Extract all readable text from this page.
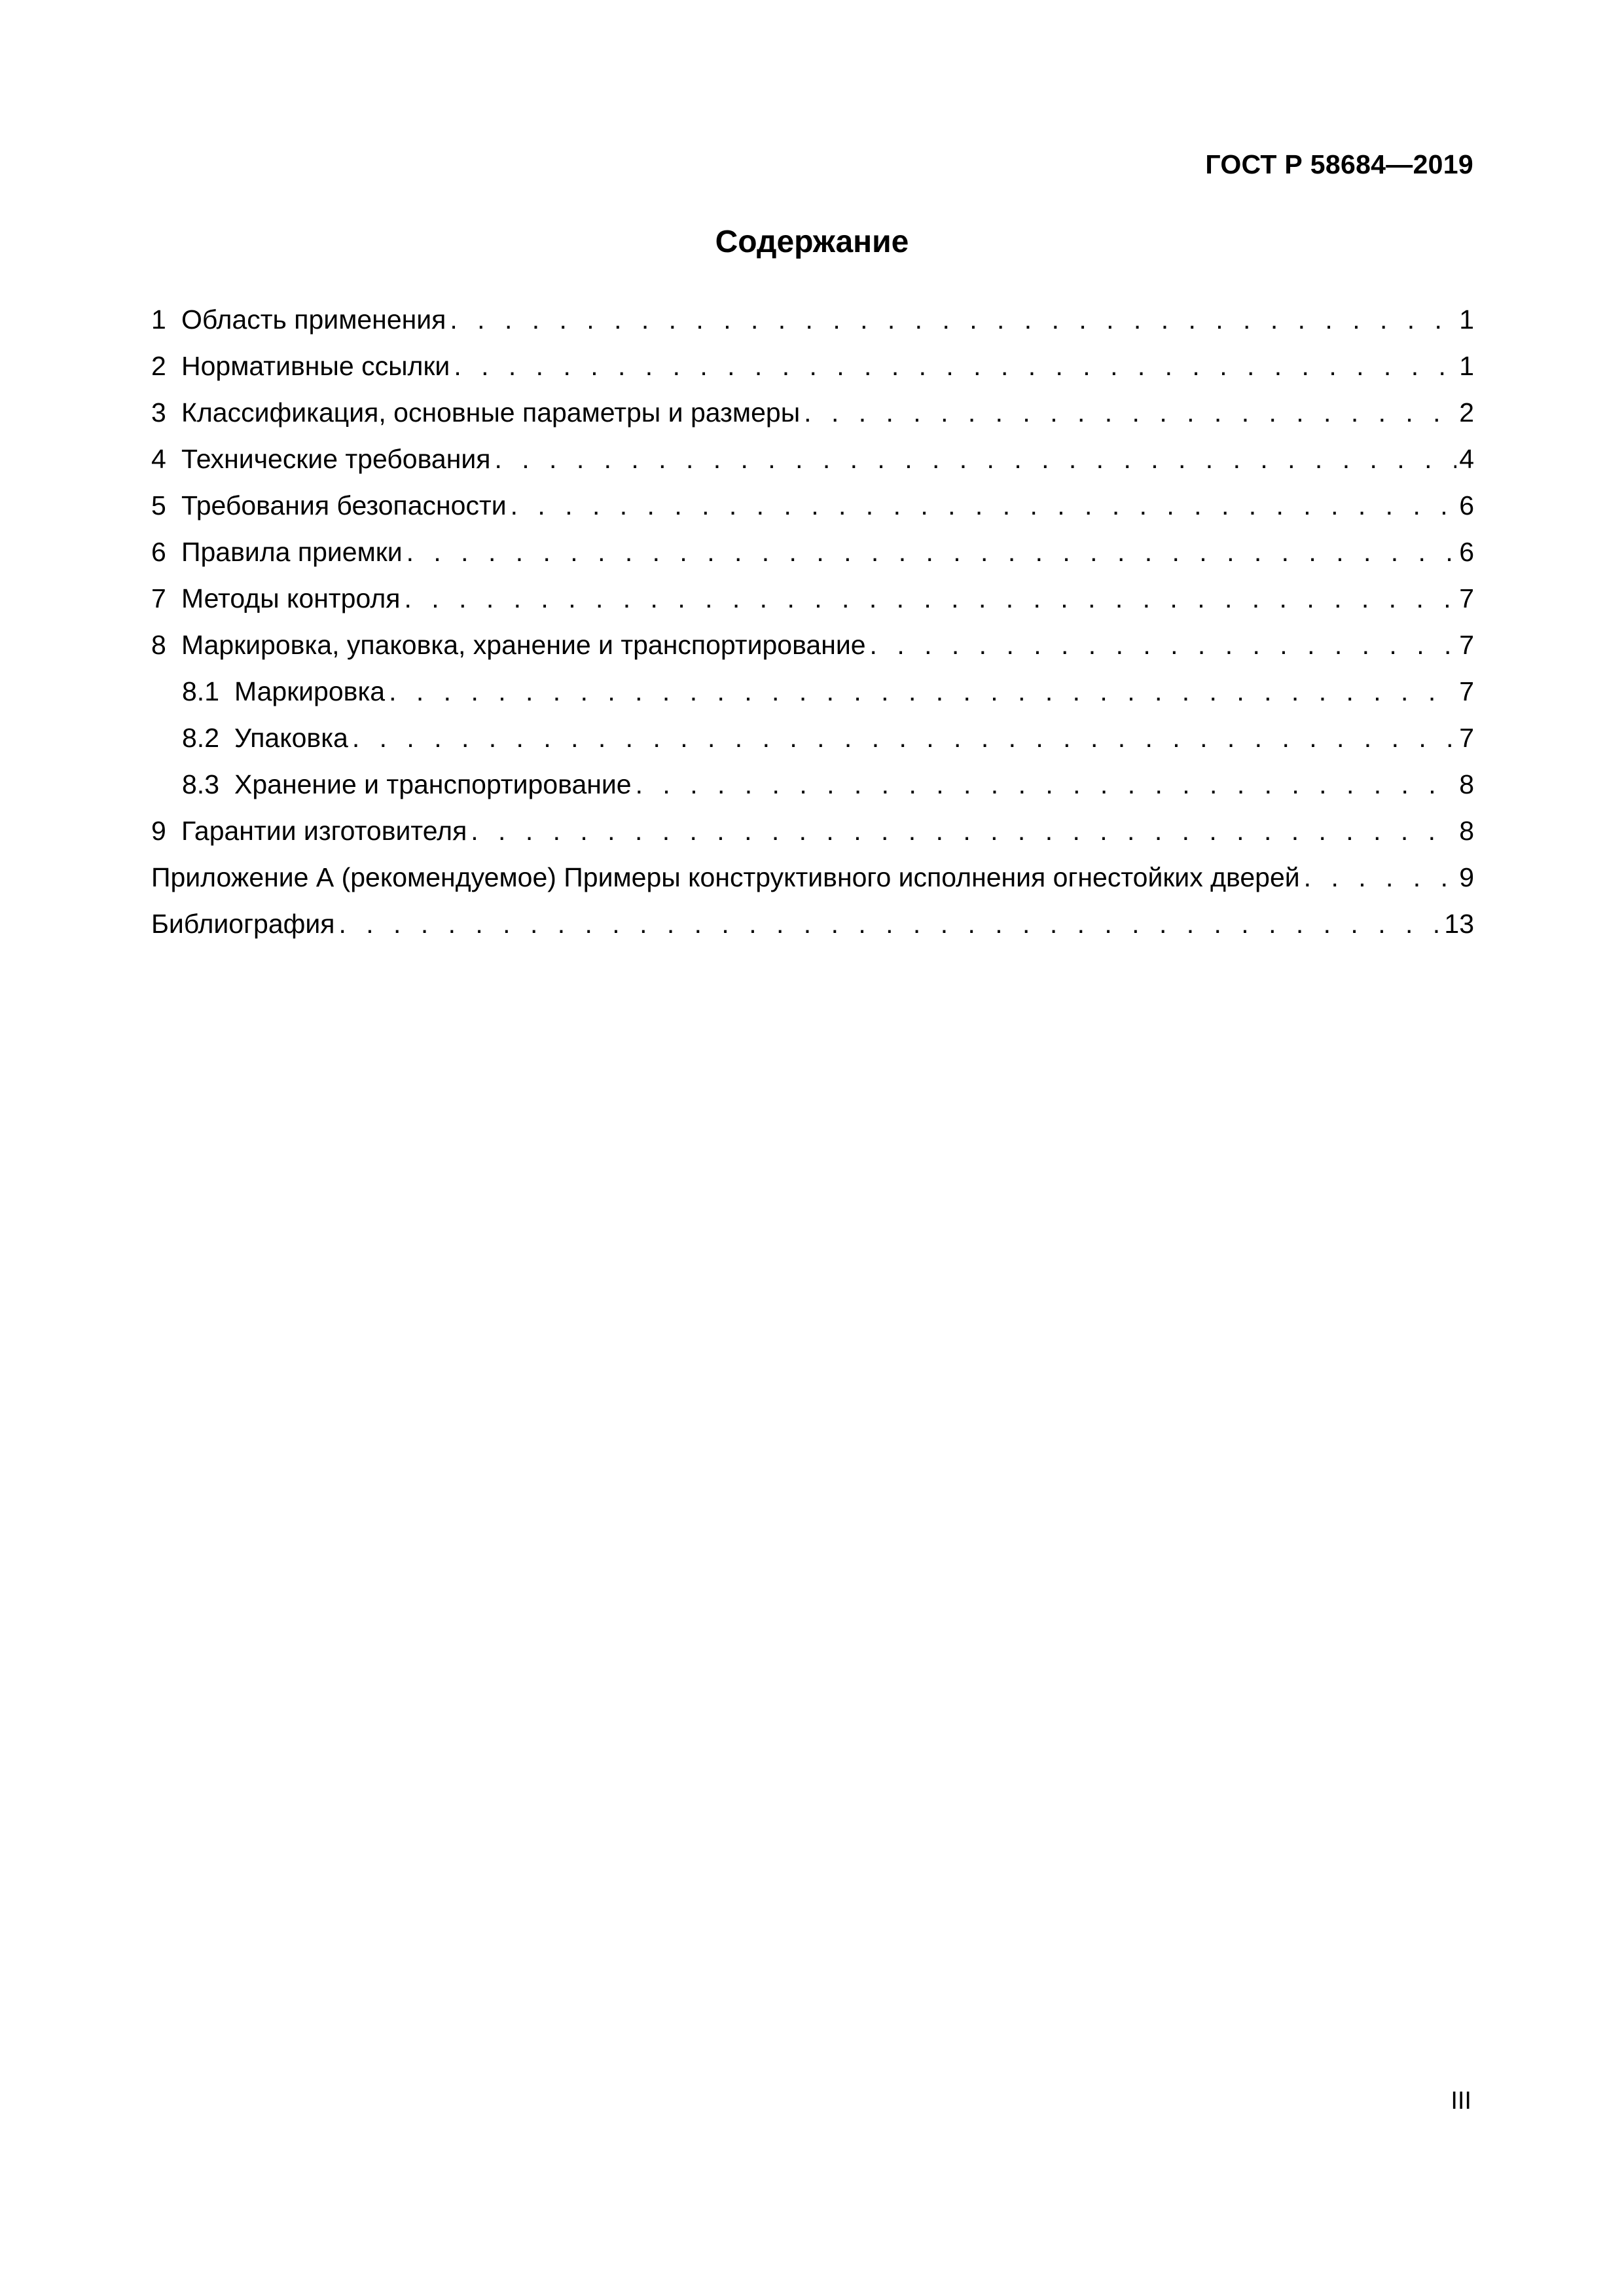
ГОСТ Р 58684—2019
Содержание
1 Область применения . . .	1
2 Нормативные ссылки . . .	1
3 Классификация, основные параметры и размеры . . .	2
4 Технические требования . . .	4
5 Требования безопасности . . .	6
6 Правила приемки . . .	6
7 Методы контроля . . .	7
8 Маркировка, упаковка, хранение и транспортирование . . .	7
8.1 Маркировка . . .	7
8.2 Упаковка . . .	7
8.3 Хранение и транспортирование . . .	8
9 Гарантии изготовителя . . .	8
Приложение А (рекомендуемое) Примеры конструктивного исполнения огнестойких дверей . . .	9
Библиография . . .	13
III
